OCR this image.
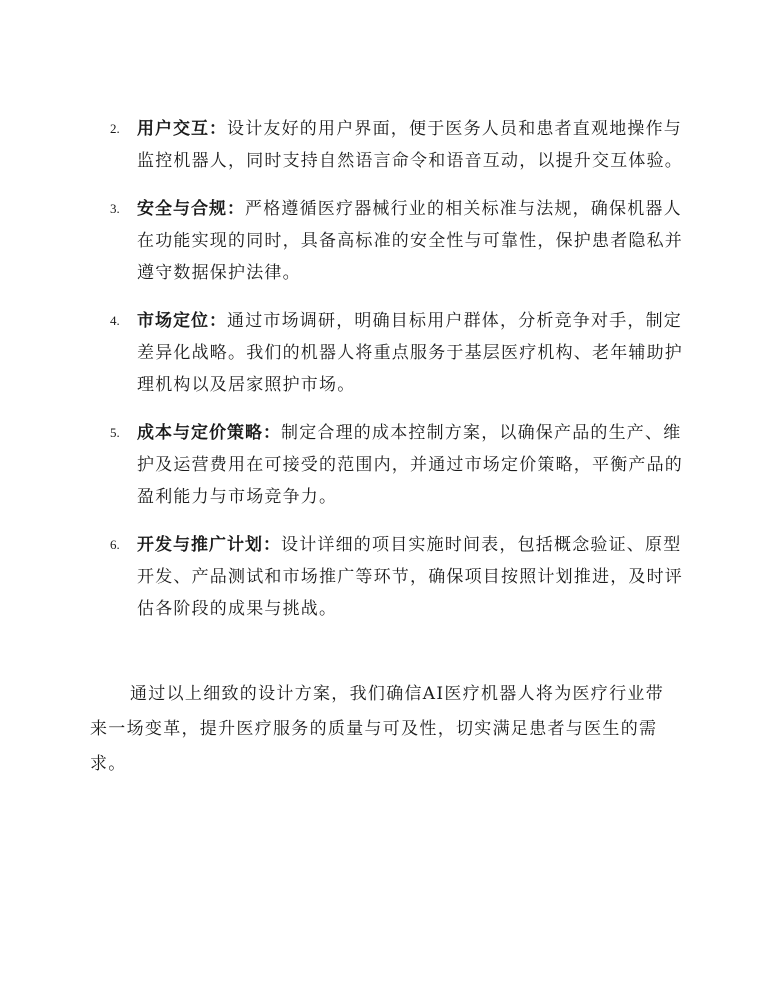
2. 用户交互：设计友好的用户界面，便于医务人员和患者直观地操作与监控机器人，同时支持自然语言命令和语音互动，以提升交互体验。
3. 安全与合规：严格遵循医疗器械行业的相关标准与法规，确保机器人在功能实现的同时，具备高标准的安全性与可靠性，保护患者隐私并遵守数据保护法律。
4. 市场定位：通过市场调研，明确目标用户群体，分析竞争对手，制定差异化战略。我们的机器人将重点服务于基层医疗机构、老年辅助护理机构以及居家照护市场。
5. 成本与定价策略：制定合理的成本控制方案，以确保产品的生产、维护及运营费用在可接受的范围内，并通过市场定价策略，平衡产品的盈利能力与市场竞争力。
6. 开发与推广计划：设计详细的项目实施时间表，包括概念验证、原型开发、产品测试和市场推广等环节，确保项目按照计划推进，及时评估各阶段的成果与挑战。

通过以上细致的设计方案，我们确信AI医疗机器人将为医疗行业带来一场变革，提升医疗服务的质量与可及性，切实满足患者与医生的需求。
